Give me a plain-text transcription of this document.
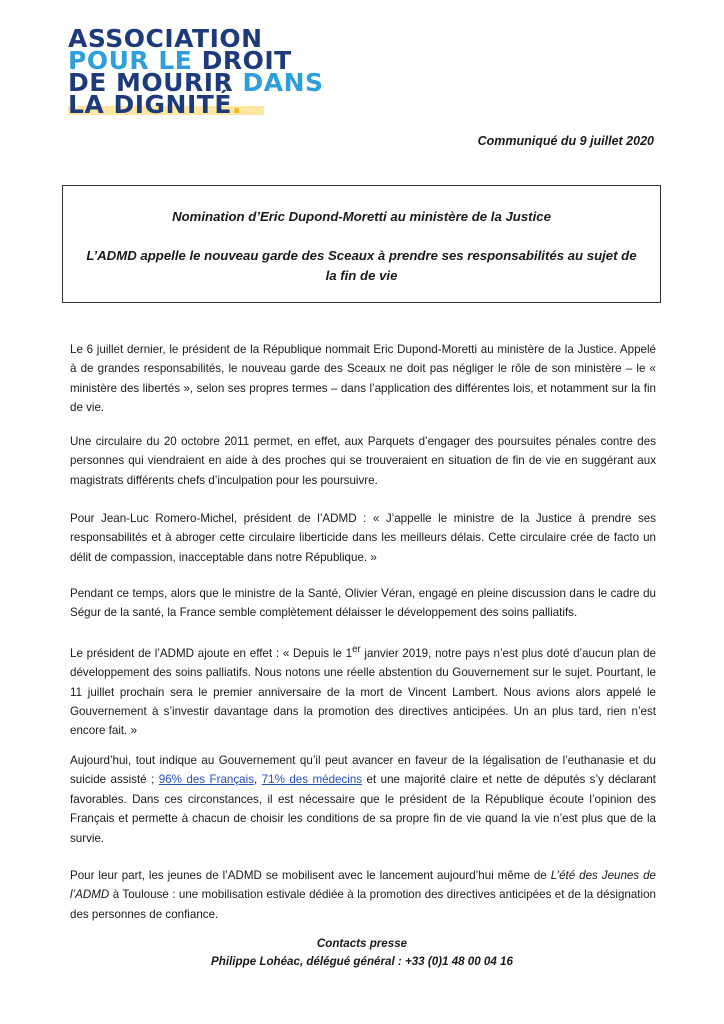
ASSOCIATION
POUR LE DROIT
DE MOURIR DANS
LA DIGNITÉ.
Communiqué du 9 juillet 2020
Nomination d’Eric Dupond-Moretti au ministère de la Justice
L’ADMD appelle le nouveau garde des Sceaux à prendre ses responsabilités au sujet de la fin de vie

Le 6 juillet dernier, le président de la République nommait Eric Dupond-Moretti au ministère de la Justice. Appelé à de grandes responsabilités, le nouveau garde des Sceaux ne doit pas négliger le rôle de son ministère – le « ministère des libertés », selon ses propres termes – dans l’application des différentes lois, et notamment sur la fin de vie.

Une circulaire du 20 octobre 2011 permet, en effet, aux Parquets d’engager des poursuites pénales contre des personnes qui viendraient en aide à des proches qui se trouveraient en situation de fin de vie en suggérant aux magistrats différents chefs d’inculpation pour les poursuivre.

Pour Jean-Luc Romero-Michel, président de l’ADMD : « J’appelle le ministre de la Justice à prendre ses responsabilités et à abroger cette circulaire liberticide dans les meilleurs délais. Cette circulaire crée de facto un délit de compassion, inacceptable dans notre République. »

Pendant ce temps, alors que le ministre de la Santé, Olivier Véran, engagé en pleine discussion dans le cadre du Ségur de la santé, la France semble complètement délaisser le développement des soins palliatifs.

Le président de l’ADMD ajoute en effet : « Depuis le 1er janvier 2019, notre pays n’est plus doté d’aucun plan de développement des soins palliatifs. Nous notons une réelle abstention du Gouvernement sur le sujet. Pourtant, le 11 juillet prochain sera le premier anniversaire de la mort de Vincent Lambert. Nous avions alors appelé le Gouvernement à s’investir davantage dans la promotion des directives anticipées. Un an plus tard, rien n’est encore fait. »

Aujourd’hui, tout indique au Gouvernement qu’il peut avancer en faveur de la légalisation de l’euthanasie et du suicide assisté ; 96% des Français, 71% des médecins et une majorité claire et nette de députés s’y déclarant favorables. Dans ces circonstances, il est nécessaire que le président de la République écoute l’opinion des Français et permette à chacun de choisir les conditions de sa propre fin de vie quand la vie n’est plus que de la survie.

Pour leur part, les jeunes de l’ADMD se mobilisent avec le lancement aujourd’hui même de L’été des Jeunes de l’ADMD à Toulouse : une mobilisation estivale dédiée à la promotion des directives anticipées et de la désignation des personnes de confiance.

Contacts presse
Philippe Lohéac, délégué général : +33 (0)1 48 00 04 16
